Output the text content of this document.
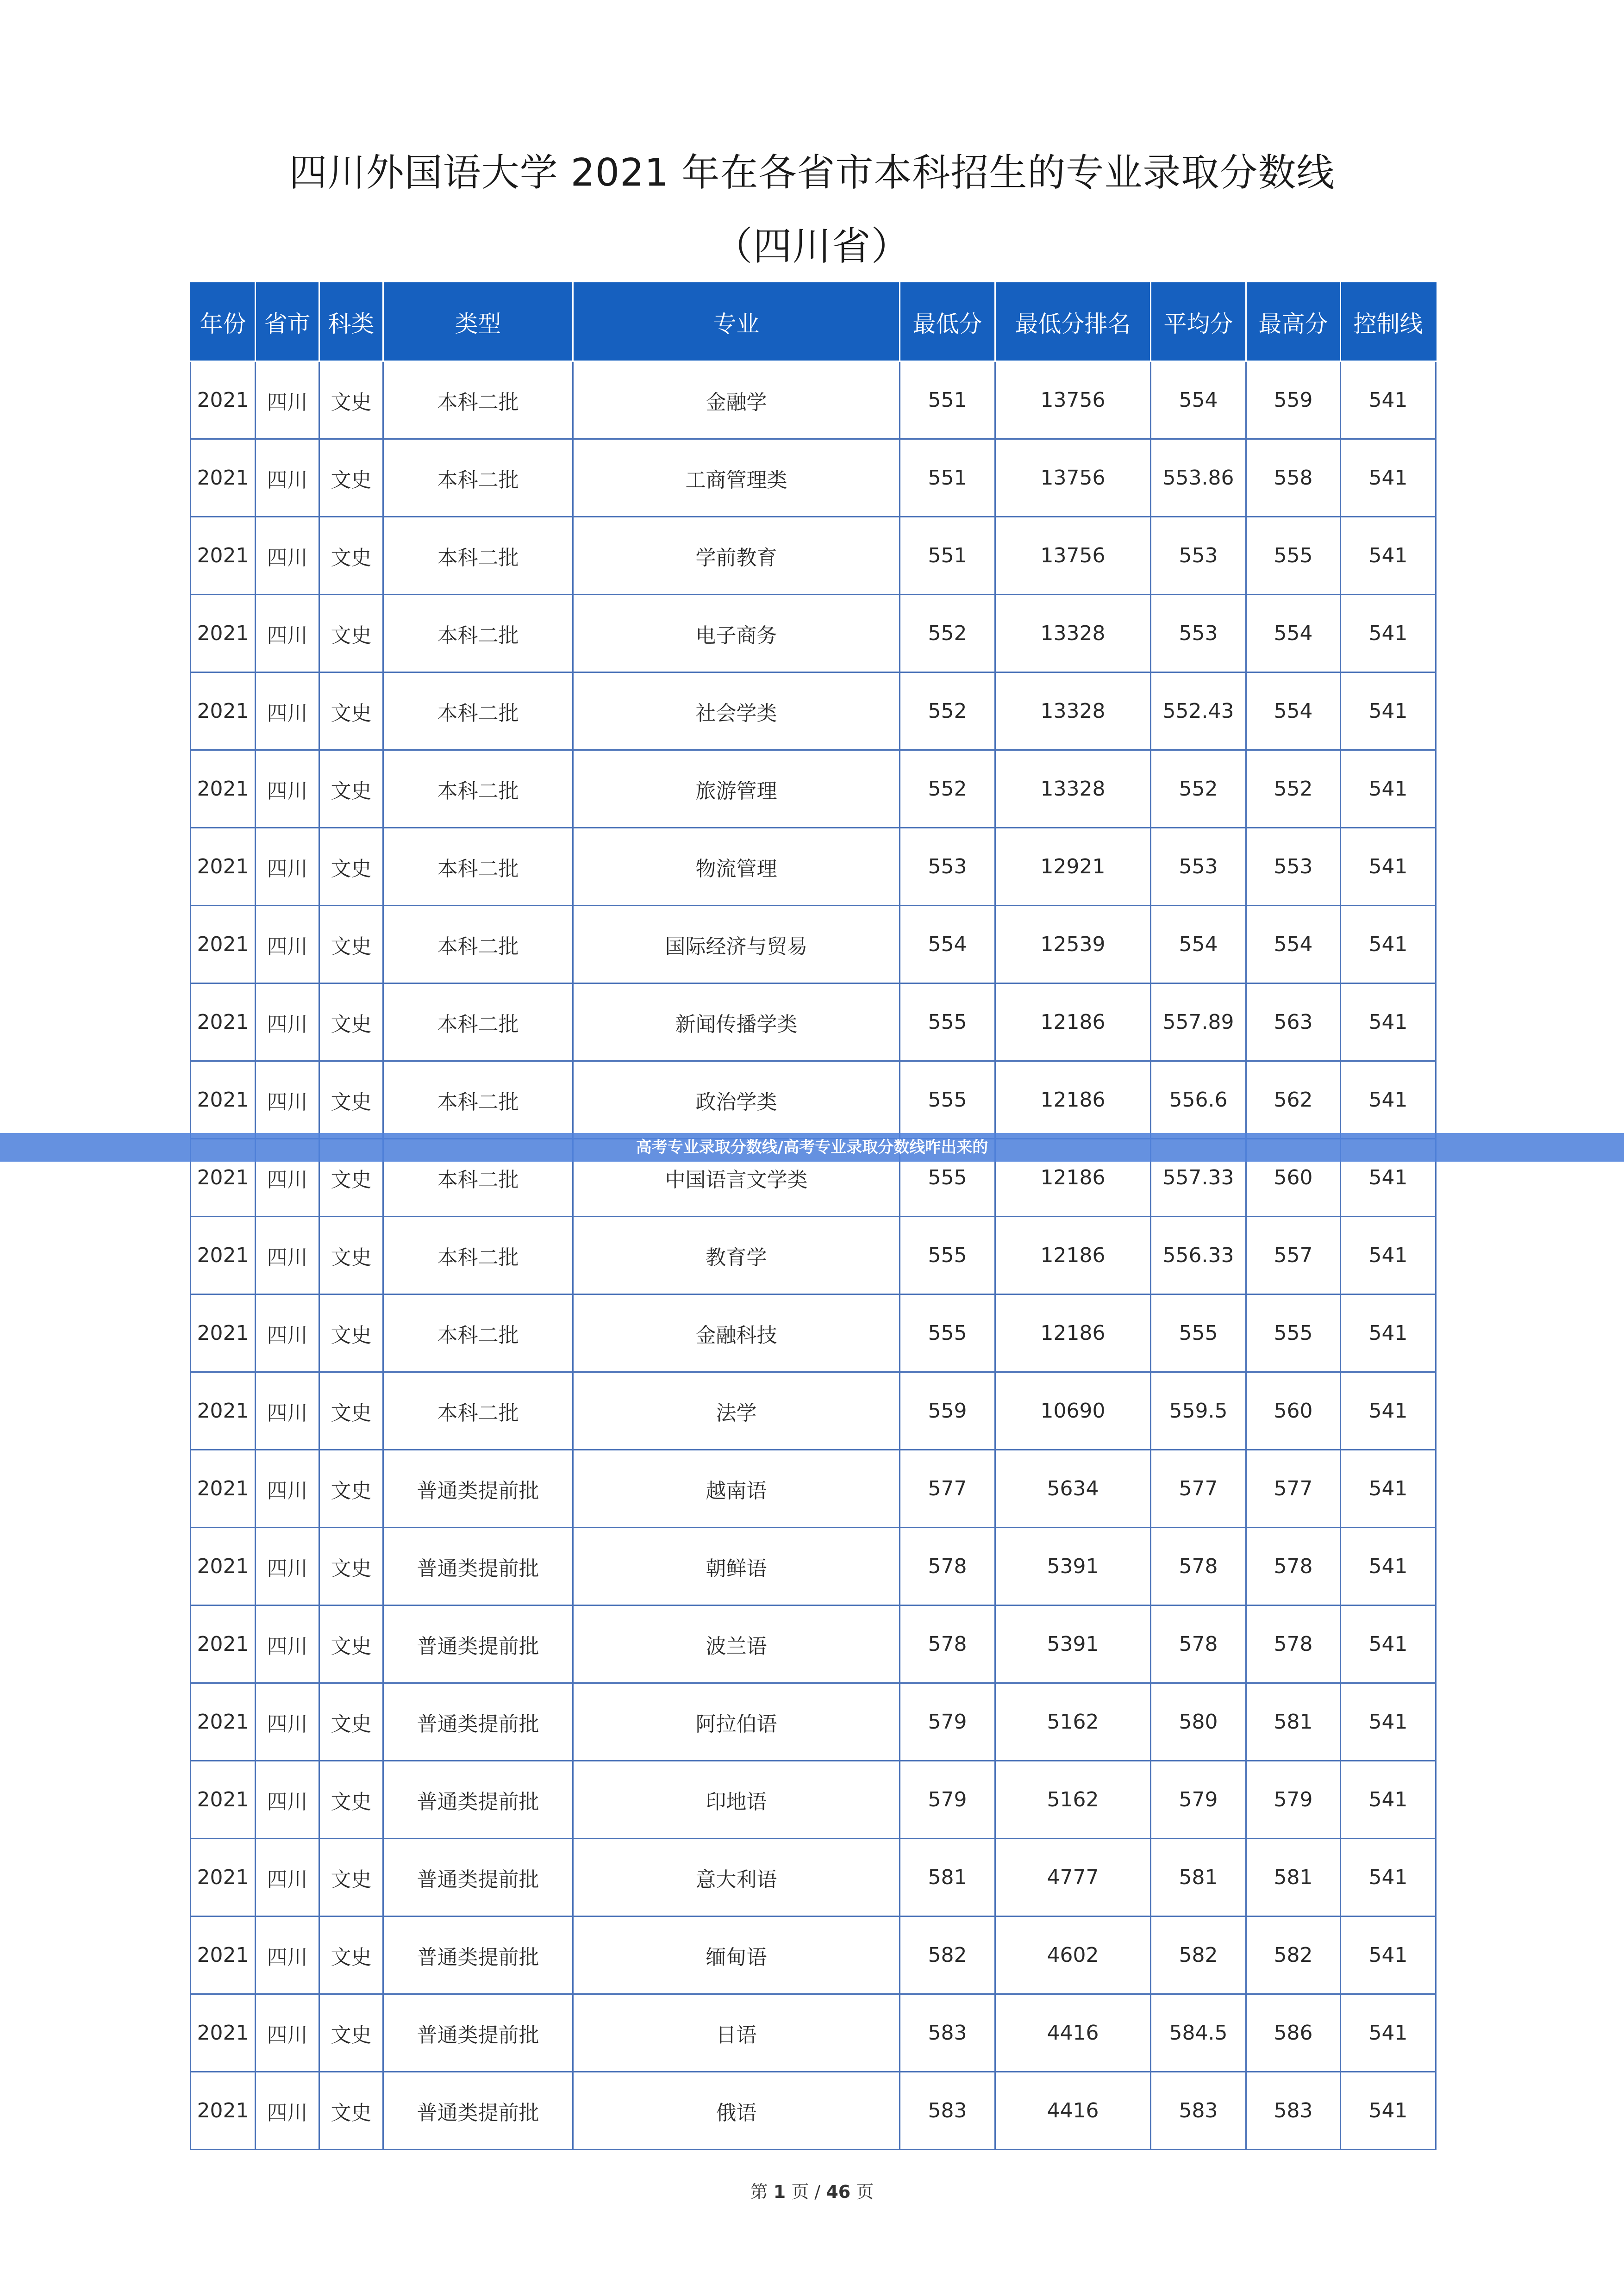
四川外国语大学 2021 年在各省市本科招生的专业录取分数线
（四川省）
年份	省市	科类	类型	专业	最低分	最低分排名	平均分	最高分	控制线
2021	四川	文史	本科二批	金融学	551	13756	554	559	541
2021	四川	文史	本科二批	工商管理类	551	13756	553.86	558	541
2021	四川	文史	本科二批	学前教育	551	13756	553	555	541
2021	四川	文史	本科二批	电子商务	552	13328	553	554	541
2021	四川	文史	本科二批	社会学类	552	13328	552.43	554	541
2021	四川	文史	本科二批	旅游管理	552	13328	552	552	541
2021	四川	文史	本科二批	物流管理	553	12921	553	553	541
2021	四川	文史	本科二批	国际经济与贸易	554	12539	554	554	541
2021	四川	文史	本科二批	新闻传播学类	555	12186	557.89	563	541
2021	四川	文史	本科二批	政治学类	555	12186	556.6	562	541
2021	四川	文史	本科二批	中国语言文学类	555	12186	557.33	560	541
2021	四川	文史	本科二批	教育学	555	12186	556.33	557	541
2021	四川	文史	本科二批	金融科技	555	12186	555	555	541
2021	四川	文史	本科二批	法学	559	10690	559.5	560	541
2021	四川	文史	普通类提前批	越南语	577	5634	577	577	541
2021	四川	文史	普通类提前批	朝鲜语	578	5391	578	578	541
2021	四川	文史	普通类提前批	波兰语	578	5391	578	578	541
2021	四川	文史	普通类提前批	阿拉伯语	579	5162	580	581	541
2021	四川	文史	普通类提前批	印地语	579	5162	579	579	541
2021	四川	文史	普通类提前批	意大利语	581	4777	581	581	541
2021	四川	文史	普通类提前批	缅甸语	582	4602	582	582	541
2021	四川	文史	普通类提前批	日语	583	4416	584.5	586	541
2021	四川	文史	普通类提前批	俄语	583	4416	583	583	541
高考专业录取分数线/高考专业录取分数线咋出来的
第 1 页 / 46 页
